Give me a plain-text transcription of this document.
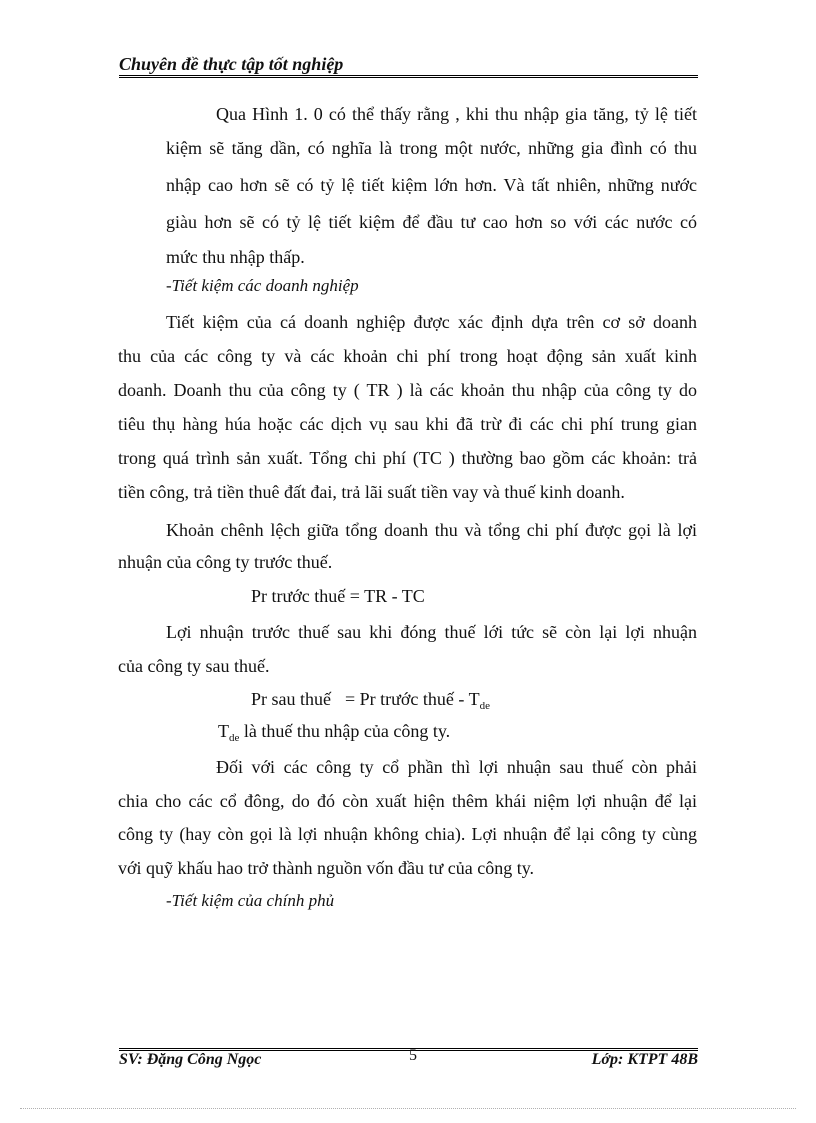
Chuyên đề thực tập tốt nghiệp
Qua Hình 1. 0 có thể thấy rằng , khi thu nhập gia tăng, tỷ lệ tiết
kiệm sẽ tăng dần, có nghĩa là trong một nước, những gia đình có thu
nhập cao hơn sẽ có tỷ lệ tiết kiệm lớn hơn. Và tất nhiên, những nước
giàu hơn sẽ có tỷ lệ tiết kiệm để đầu tư cao hơn so với các nước có
mức thu nhập thấp.
-Tiết kiệm các doanh nghiệp
Tiết kiệm của cá doanh nghiệp được xác định dựa trên cơ sở doanh
thu của các công ty và các khoản chi phí trong hoạt động sản xuất kinh
doanh. Doanh thu của công ty ( TR ) là các khoản thu nhập của công ty do
tiêu thụ hàng húa hoặc các dịch vụ sau khi đã trừ đi các chi phí trung gian
trong quá trình sản xuất. Tổng chi phí (TC ) thường bao gồm các khoản: trả
tiền công, trả tiền thuê đất đai, trả lãi suất tiền vay và thuế kinh doanh.
Khoản chênh lệch giữa tổng doanh thu và tổng chi phí được gọi là lợi
nhuận của công ty trước thuế.
Pr trước thuế = TR - TC
Lợi nhuận trước thuế sau khi đóng thuế lới tức sẽ còn lại lợi nhuận
của công ty sau thuế.
Pr sau thuế = Pr trước thuế - $T_{de}$
$T_{de}$ là thuế thu nhập của công ty.
Đối với các công ty cổ phần thì lợi nhuận sau thuế còn phải
chia cho các cổ đông, do đó còn xuất hiện thêm khái niệm lợi nhuận để lại
công ty (hay còn gọi là lợi nhuận không chia). Lợi nhuận để lại công ty cùng
với quỹ khấu hao trở thành nguồn vốn đầu tư của công ty.
-Tiết kiệm của chính phủ
SV: Đặng Công Ngọc	5	Lớp: KTPT 48B
